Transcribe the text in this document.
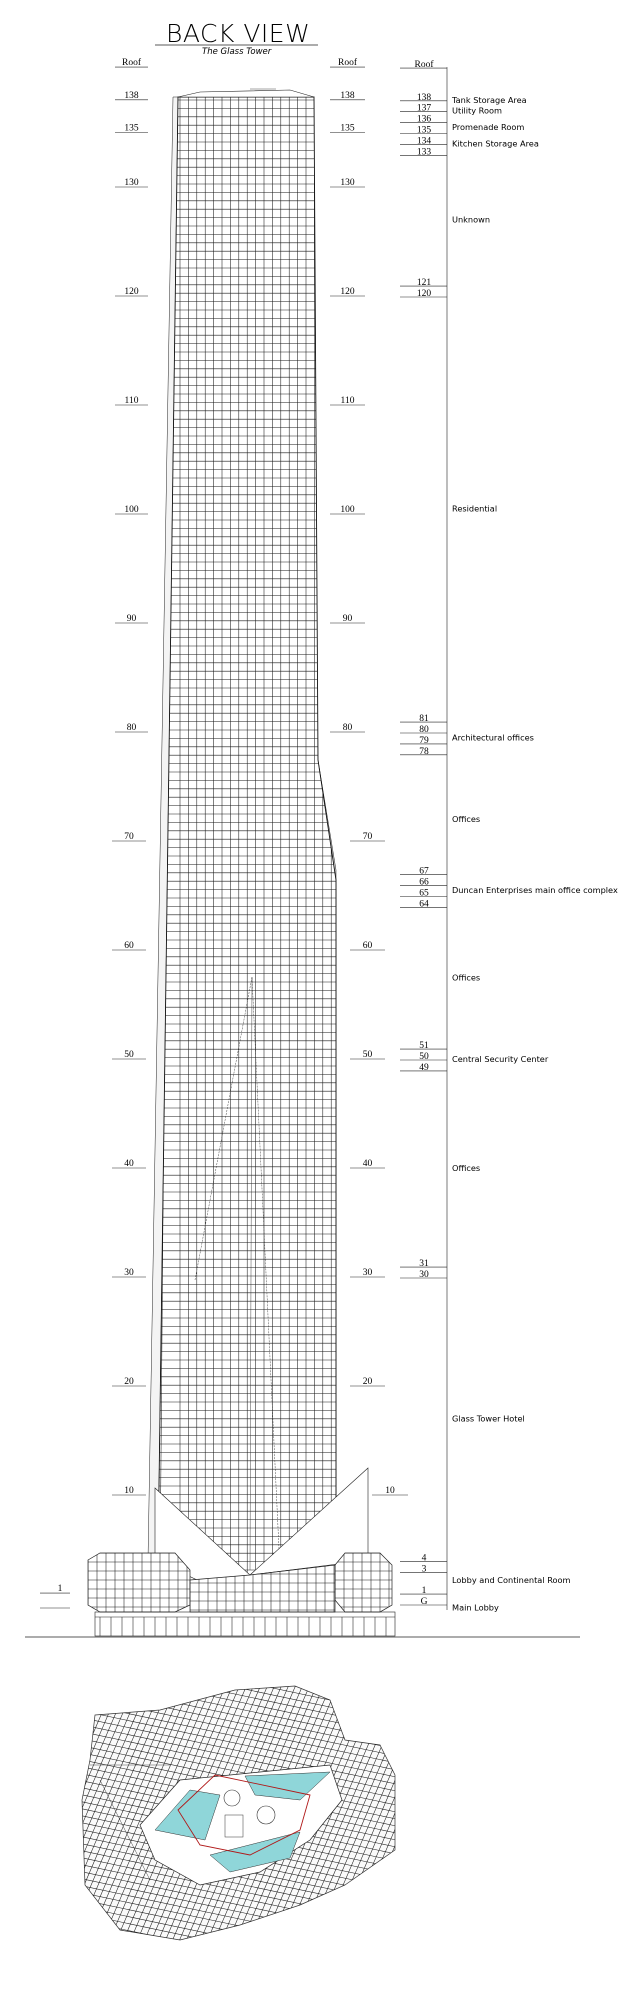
BACK VIEW
The Glass Tower
Roof
138
135
130
120
110
100
90
80
70
60
50
40
30
20
10
1
Roof
138
135
130
120
110
100
90
80
70
60
50
40
30
20
10
Roof
138
137
136
135
134
133
121
120
81
80
79
78
67
66
65
64
51
50
49
31
30
4
3
1
G
Tank Storage Area
Utility Room
Promenade Room
Kitchen Storage Area
Unknown
Residential
Architectural offices
Offices
Duncan Enterprises main office complex
Offices
Central Security Center
Offices
Glass Tower Hotel
Lobby and Continental Room
Main Lobby
